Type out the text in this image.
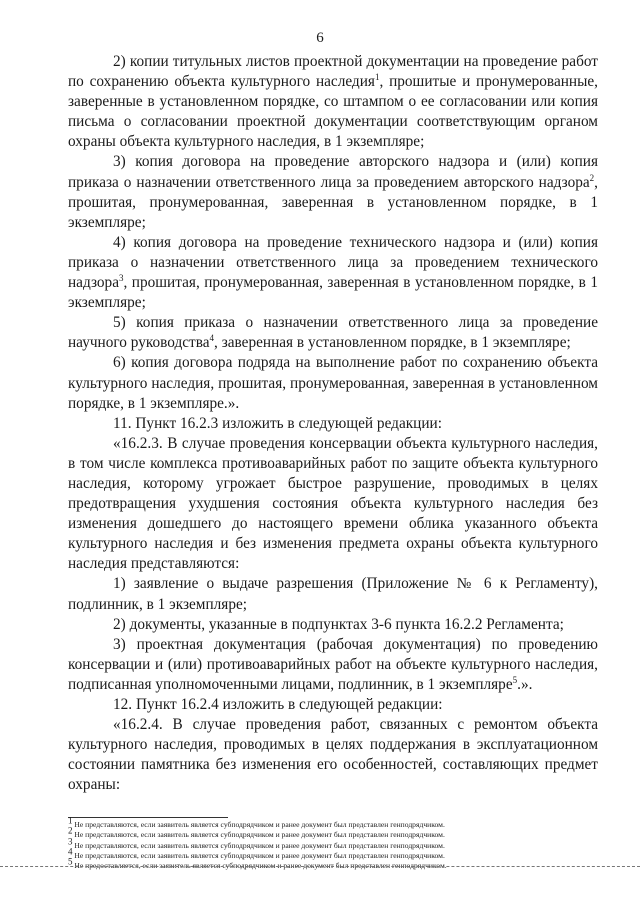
6

2) копии титульных листов проектной документации на проведение работ по сохранению объекта культурного наследия$^1$, прошитые и пронумерованные, заверенные в установленном порядке, со штампом о ее согласовании или копия письма о согласовании проектной документации соответствующим органом охраны объекта культурного наследия, в 1 экземпляре;

3) копия договора на проведение авторского надзора и (или) копия приказа о назначении ответственного лица за проведением авторского надзора$^2$, прошитая, пронумерованная, заверенная в установленном порядке, в 1 экземпляре;

4) копия договора на проведение технического надзора и (или) копия приказа о назначении ответственного лица за проведением технического надзора$^3$, прошитая, пронумерованная, заверенная в установленном порядке, в 1 экземпляре;

5) копия приказа о назначении ответственного лица за проведение научного руководства$^4$, заверенная в установленном порядке, в 1 экземпляре;

6) копия договора подряда на выполнение работ по сохранению объекта культурного наследия, прошитая, пронумерованная, заверенная в установленном порядке, в 1 экземпляре.».

11. Пункт 16.2.3 изложить в следующей редакции:

«16.2.3. В случае проведения консервации объекта культурного наследия, в том числе комплекса противоаварийных работ по защите объекта культурного наследия, которому угрожает быстрое разрушение, проводимых в целях предотвращения ухудшения состояния объекта культурного наследия без изменения дошедшего до настоящего времени облика указанного объекта культурного наследия и без изменения предмета охраны объекта культурного наследия представляются:

1) заявление о выдаче разрешения (Приложение № 6 к Регламенту), подлинник, в 1 экземпляре;

2) документы, указанные в подпунктах 3-6 пункта 16.2.2 Регламента;

3) проектная документация (рабочая документация) по проведению консервации и (или) противоаварийных работ на объекте культурного наследия, подписанная уполномоченными лицами, подлинник, в 1 экземпляре$^5$.».

12. Пункт 16.2.4 изложить в следующей редакции:

«16.2.4. В случае проведения работ, связанных с ремонтом объекта культурного наследия, проводимых в целях поддержания в эксплуатационном состоянии памятника без изменения его особенностей, составляющих предмет охраны:

$^1$ Не представляются, если заявитель является субподрядчиком и ранее документ был представлен генподрядчиком.

$^2$ Не представляются, если заявитель является субподрядчиком и ранее документ был представлен генподрядчиком.

$^3$ Не представляются, если заявитель является субподрядчиком и ранее документ был представлен генподрядчиком.

$^4$ Не представляются, если заявитель является субподрядчиком и ранее документ был представлен генподрядчиком.

$^5$ Не предоставляется, если заявитель является субподрядчиком и ранее документ был представлен генподрядчиком.
